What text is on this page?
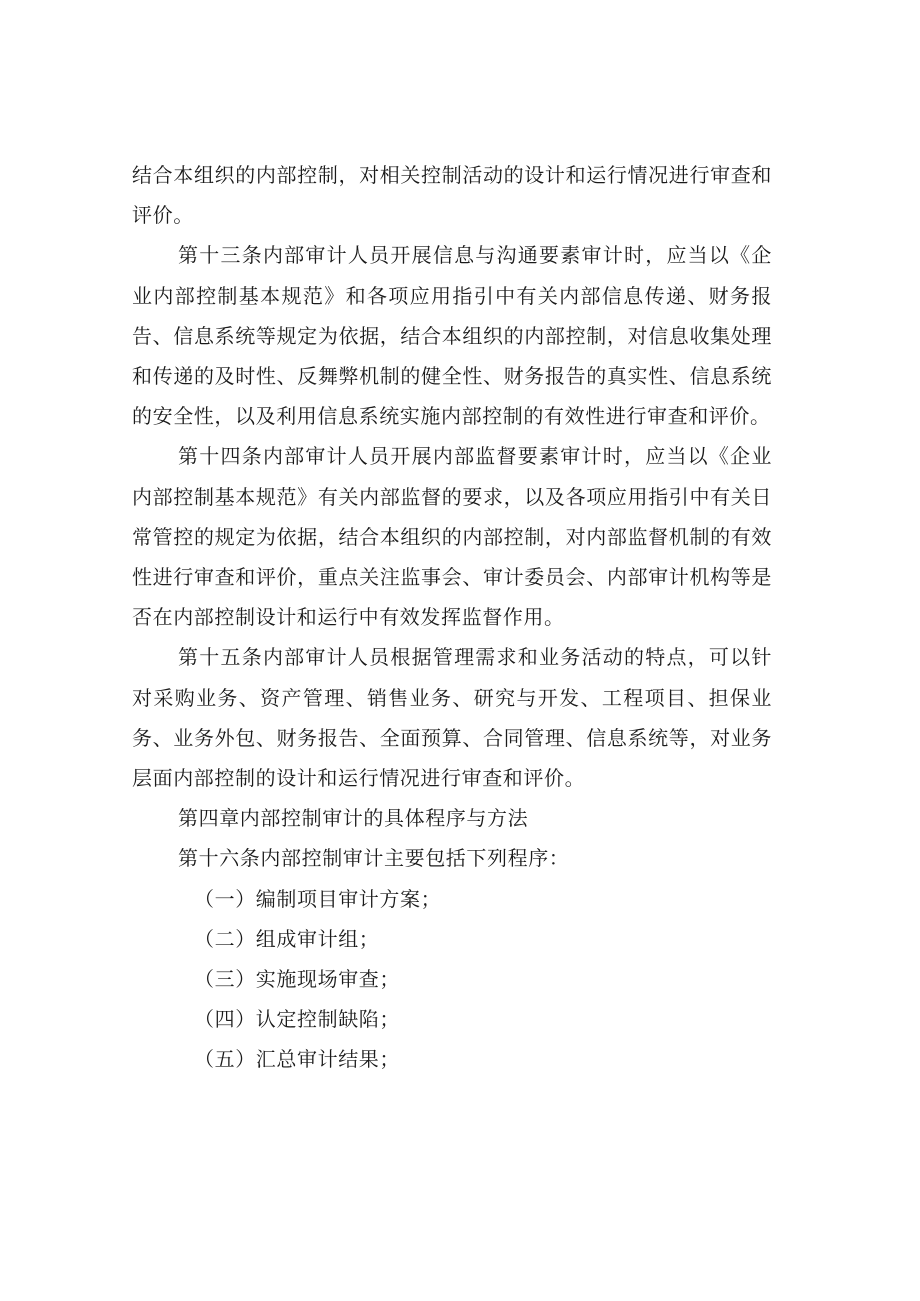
结合本组织的内部控制，对相关控制活动的设计和运行情况进行审查和评价。

第十三条内部审计人员开展信息与沟通要素审计时，应当以《企业内部控制基本规范》和各项应用指引中有关内部信息传递、财务报告、信息系统等规定为依据，结合本组织的内部控制，对信息收集处理和传递的及时性、反舞弊机制的健全性、财务报告的真实性、信息系统的安全性，以及利用信息系统实施内部控制的有效性进行审查和评价。

第十四条内部审计人员开展内部监督要素审计时，应当以《企业内部控制基本规范》有关内部监督的要求，以及各项应用指引中有关日常管控的规定为依据，结合本组织的内部控制，对内部监督机制的有效性进行审查和评价，重点关注监事会、审计委员会、内部审计机构等是否在内部控制设计和运行中有效发挥监督作用。

第十五条内部审计人员根据管理需求和业务活动的特点，可以针对采购业务、资产管理、销售业务、研究与开发、工程项目、担保业务、业务外包、财务报告、全面预算、合同管理、信息系统等，对业务层面内部控制的设计和运行情况进行审查和评价。

第四章内部控制审计的具体程序与方法

第十六条内部控制审计主要包括下列程序：

（一）编制项目审计方案；

（二）组成审计组；

（三）实施现场审查；

（四）认定控制缺陷；

（五）汇总审计结果；
